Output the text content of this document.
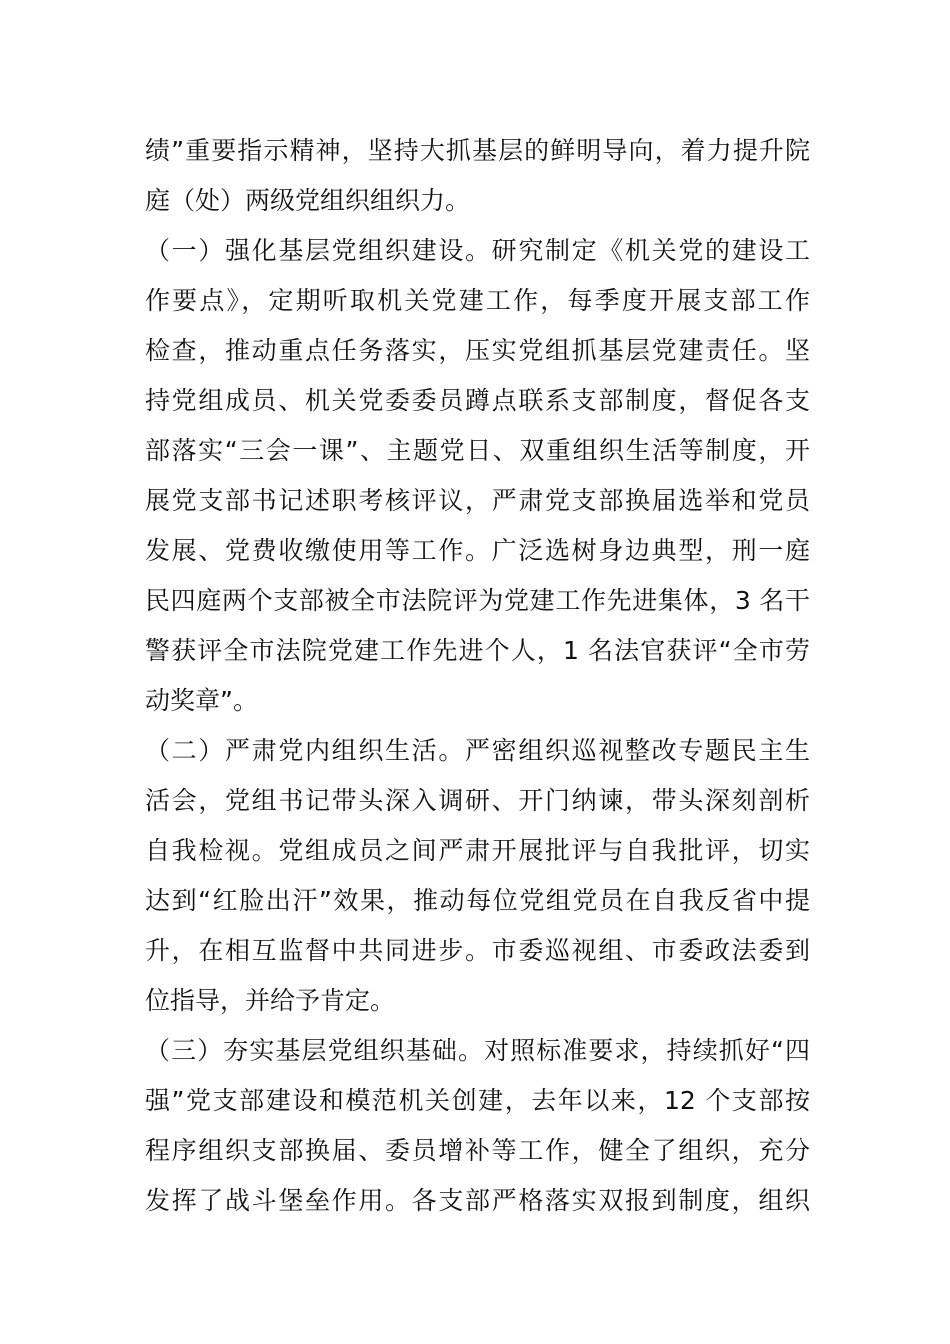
绩”重要指示精神，坚持大抓基层的鲜明导向，着力提升院
庭（处）两级党组织组织力。
（一）强化基层党组织建设。研究制定《机关党的建设工
作要点》，定期听取机关党建工作，每季度开展支部工作
检查，推动重点任务落实，压实党组抓基层党建责任。坚
持党组成员、机关党委委员蹲点联系支部制度，督促各支
部落实“三会一课”、主题党日、双重组织生活等制度，开
展党支部书记述职考核评议，严肃党支部换届选举和党员
发展、党费收缴使用等工作。广泛选树身边典型，刑一庭
民四庭两个支部被全市法院评为党建工作先进集体，3 名干
警获评全市法院党建工作先进个人，1 名法官获评“全市劳
动奖章”。
（二）严肃党内组织生活。严密组织巡视整改专题民主生
活会，党组书记带头深入调研、开门纳谏，带头深刻剖析
自我检视。党组成员之间严肃开展批评与自我批评，切实
达到“红脸出汗”效果，推动每位党组党员在自我反省中提
升，在相互监督中共同进步。市委巡视组、市委政法委到
位指导，并给予肯定。
（三）夯实基层党组织基础。对照标准要求，持续抓好“四
强”党支部建设和模范机关创建，去年以来，12 个支部按
程序组织支部换届、委员增补等工作，健全了组织，充分
发挥了战斗堡垒作用。各支部严格落实双报到制度，组织
